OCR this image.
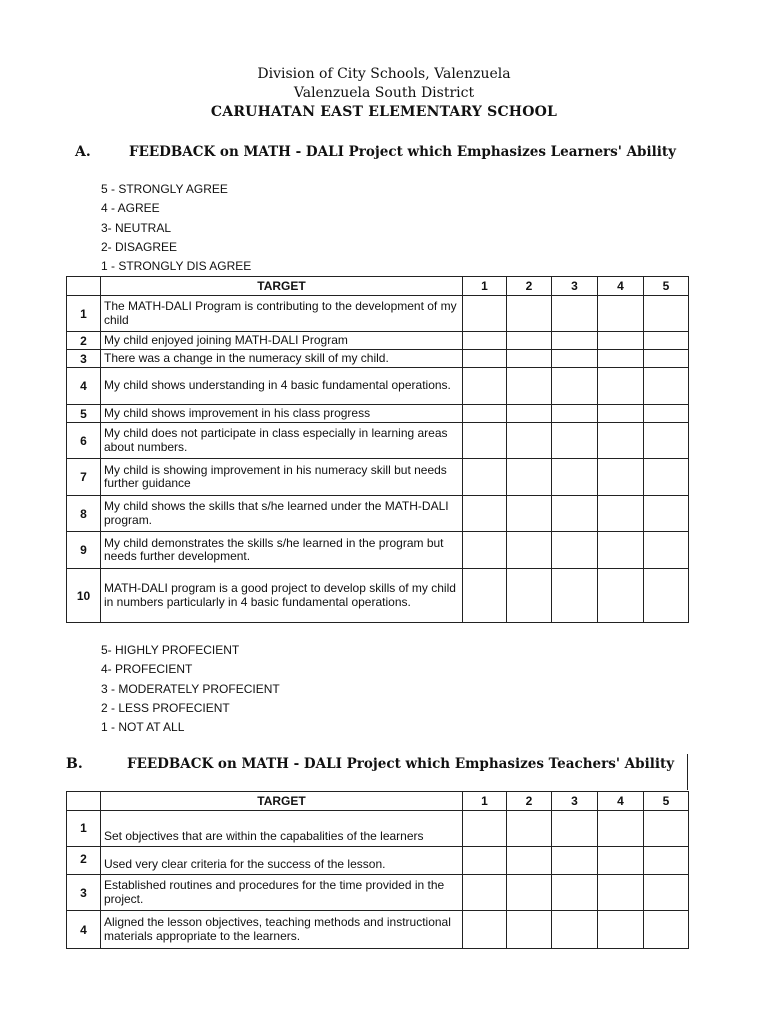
Division of City Schools, Valenzuela
Valenzuela South District
CARUHATAN EAST ELEMENTARY SCHOOL
A.	FEEDBACK on MATH - DALI Project which Emphasizes Learners' Ability
5 - STRONGLY AGREE
4 - AGREE
3- NEUTRAL
2- DISAGREE
1 - STRONGLY DIS AGREE
	TARGET	1	2	3	4	5
1	The MATH-DALI Program is contributing to the development of my child					
2	My child enjoyed joining MATH-DALI Program					
3	There was a change in the numeracy skill of my child.					
4	My child shows understanding in 4 basic fundamental operations.					
5	My child shows improvement in his class progress					
6	My child does not participate in class especially in learning areas about numbers.					
7	My child is showing improvement in his numeracy skill but needs further guidance					
8	My child shows the skills that s/he learned under the MATH-DALI program.					
9	My child demonstrates the skills s/he learned in the program but needs further development.					
10	MATH-DALI program is a good project to develop skills of my child in numbers particularly in 4 basic fundamental operations.					
5- HIGHLY PROFECIENT
4- PROFECIENT
3 - MODERATELY PROFECIENT
2 - LESS PROFECIENT
1 - NOT AT ALL
B.	FEEDBACK on MATH - DALI Project which Emphasizes Teachers' Ability
	TARGET	1	2	3	4	5
1	Set objectives that are within the capabalities of the learners					
2	Used very clear criteria for the success of the lesson.					
3	Established routines and procedures for the time provided in the project.					
4	Aligned the lesson objectives, teaching methods and instructional materials appropriate to the learners.					
